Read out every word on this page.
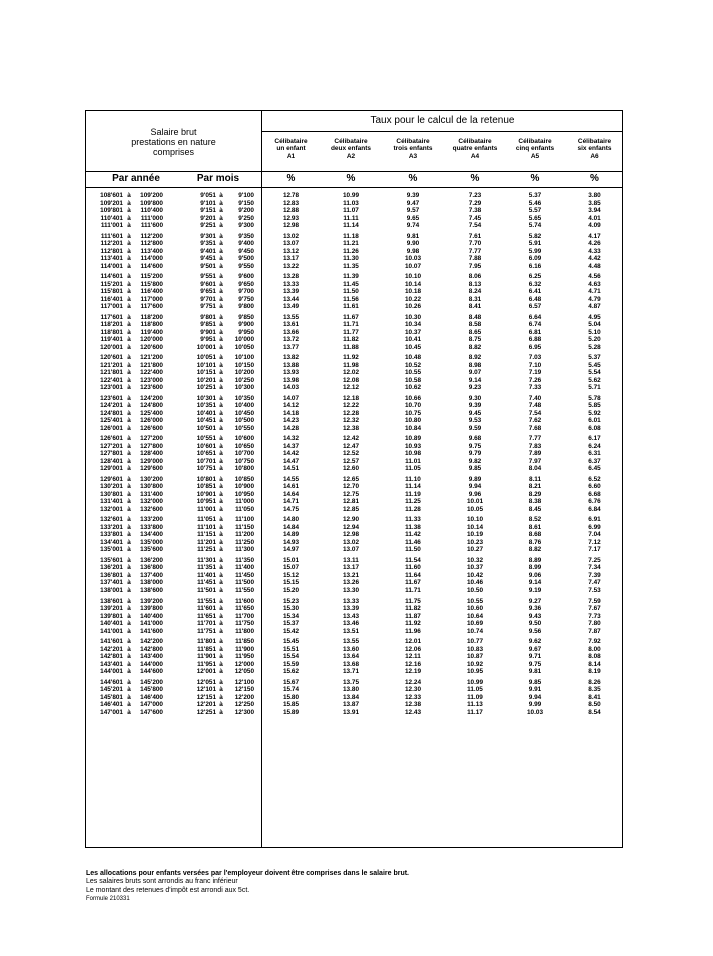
Salaire brut
prestations en nature
comprises
Taux pour le calcul de la retenue
Célibataire
un enfant
A1
Célibataire
deux enfants
A2
Célibataire
trois enfants
A3
Célibataire
quatre enfants
A4
Célibataire
cinq enfants
A5
Célibataire
six enfants
A6
Par année	Par mois	%	%	%	%	%	%
108'601 à	109'200	9'051 à	9'100	12.78	10.99	9.39	7.23	5.37	3.80
109'201 à	109'800	9'101 à	9'150	12.83	11.03	9.47	7.29	5.46	3.85
109'801 à	110'400	9'151 à	9'200	12.88	11.07	9.57	7.38	5.57	3.94
110'401 à	111'000	9'201 à	9'250	12.93	11.11	9.65	7.45	5.65	4.01
111'001 à	111'600	9'251 à	9'300	12.98	11.14	9.74	7.54	5.74	4.09
111'601 à	112'200	9'301 à	9'350	13.02	11.18	9.81	7.61	5.82	4.17
112'201 à	112'800	9'351 à	9'400	13.07	11.21	9.90	7.70	5.91	4.26
112'801 à	113'400	9'401 à	9'450	13.12	11.26	9.98	7.77	5.99	4.33
113'401 à	114'000	9'451 à	9'500	13.17	11.30	10.03	7.88	6.09	4.42
114'001 à	114'600	9'501 à	9'550	13.22	11.35	10.07	7.95	6.16	4.48
114'601 à	115'200	9'551 à	9'600	13.28	11.39	10.10	8.06	6.25	4.56
115'201 à	115'800	9'601 à	9'650	13.33	11.45	10.14	8.13	6.32	4.63
115'801 à	116'400	9'651 à	9'700	13.39	11.50	10.18	8.24	6.41	4.71
116'401 à	117'000	9'701 à	9'750	13.44	11.56	10.22	8.31	6.48	4.79
117'001 à	117'600	9'751 à	9'800	13.49	11.61	10.26	8.41	6.57	4.87
117'601 à	118'200	9'801 à	9'850	13.55	11.67	10.30	8.48	6.64	4.95
118'201 à	118'800	9'851 à	9'900	13.61	11.71	10.34	8.58	6.74	5.04
118'801 à	119'400	9'901 à	9'950	13.66	11.77	10.37	8.65	6.81	5.10
119'401 à	120'000	9'951 à	10'000	13.72	11.82	10.41	8.75	6.88	5.20
120'001 à	120'600	10'001 à	10'050	13.77	11.88	10.45	8.82	6.95	5.28
120'601 à	121'200	10'051 à	10'100	13.82	11.92	10.48	8.92	7.03	5.37
121'201 à	121'800	10'101 à	10'150	13.88	11.98	10.52	8.98	7.10	5.45
121'801 à	122'400	10'151 à	10'200	13.93	12.02	10.55	9.07	7.19	5.54
122'401 à	123'000	10'201 à	10'250	13.98	12.08	10.58	9.14	7.26	5.62
123'001 à	123'600	10'251 à	10'300	14.03	12.12	10.62	9.23	7.33	5.71
123'601 à	124'200	10'301 à	10'350	14.07	12.18	10.66	9.30	7.40	5.78
124'201 à	124'800	10'351 à	10'400	14.12	12.22	10.70	9.39	7.48	5.85
124'801 à	125'400	10'401 à	10'450	14.18	12.28	10.75	9.45	7.54	5.92
125'401 à	126'000	10'451 à	10'500	14.23	12.32	10.80	9.53	7.62	6.01
126'001 à	126'600	10'501 à	10'550	14.28	12.38	10.84	9.59	7.68	6.08
126'601 à	127'200	10'551 à	10'600	14.32	12.42	10.89	9.68	7.77	6.17
127'201 à	127'800	10'601 à	10'650	14.37	12.47	10.93	9.75	7.83	6.24
127'801 à	128'400	10'651 à	10'700	14.42	12.52	10.98	9.79	7.89	6.31
128'401 à	129'000	10'701 à	10'750	14.47	12.57	11.01	9.82	7.97	6.37
129'001 à	129'600	10'751 à	10'800	14.51	12.60	11.05	9.85	8.04	6.45
129'601 à	130'200	10'801 à	10'850	14.55	12.65	11.10	9.89	8.11	6.52
130'201 à	130'800	10'851 à	10'900	14.61	12.70	11.14	9.94	8.21	6.60
130'801 à	131'400	10'901 à	10'950	14.64	12.75	11.19	9.96	8.29	6.68
131'401 à	132'000	10'951 à	11'000	14.71	12.81	11.25	10.01	8.38	6.76
132'001 à	132'600	11'001 à	11'050	14.75	12.85	11.28	10.05	8.45	6.84
132'601 à	133'200	11'051 à	11'100	14.80	12.90	11.33	10.10	8.52	6.91
133'201 à	133'800	11'101 à	11'150	14.84	12.94	11.38	10.14	8.61	6.99
133'801 à	134'400	11'151 à	11'200	14.89	12.98	11.42	10.19	8.68	7.04
134'401 à	135'000	11'201 à	11'250	14.93	13.02	11.46	10.23	8.76	7.12
135'001 à	135'600	11'251 à	11'300	14.97	13.07	11.50	10.27	8.82	7.17
135'601 à	136'200	11'301 à	11'350	15.01	13.11	11.54	10.32	8.89	7.25
136'201 à	136'800	11'351 à	11'400	15.07	13.17	11.60	10.37	8.99	7.34
136'801 à	137'400	11'401 à	11'450	15.12	13.21	11.64	10.42	9.06	7.39
137'401 à	138'000	11'451 à	11'500	15.15	13.26	11.67	10.46	9.14	7.47
138'001 à	138'600	11'501 à	11'550	15.20	13.30	11.71	10.50	9.19	7.53
138'601 à	139'200	11'551 à	11'600	15.23	13.33	11.75	10.55	9.27	7.59
139'201 à	139'800	11'601 à	11'650	15.30	13.39	11.82	10.60	9.36	7.67
139'801 à	140'400	11'651 à	11'700	15.34	13.43	11.87	10.64	9.43	7.73
140'401 à	141'000	11'701 à	11'750	15.37	13.46	11.92	10.69	9.50	7.80
141'001 à	141'600	11'751 à	11'800	15.42	13.51	11.96	10.74	9.56	7.87
141'601 à	142'200	11'801 à	11'850	15.45	13.55	12.01	10.77	9.62	7.92
142'201 à	142'800	11'851 à	11'900	15.51	13.60	12.06	10.83	9.67	8.00
142'801 à	143'400	11'901 à	11'950	15.54	13.64	12.11	10.87	9.71	8.08
143'401 à	144'000	11'951 à	12'000	15.59	13.68	12.16	10.92	9.75	8.14
144'001 à	144'600	12'001 à	12'050	15.62	13.71	12.19	10.95	9.81	8.19
144'601 à	145'200	12'051 à	12'100	15.67	13.75	12.24	10.99	9.85	8.26
145'201 à	145'800	12'101 à	12'150	15.74	13.80	12.30	11.05	9.91	8.35
145'801 à	146'400	12'151 à	12'200	15.80	13.84	12.33	11.09	9.94	8.41
146'401 à	147'000	12'201 à	12'250	15.85	13.87	12.38	11.13	9.99	8.50
147'001 à	147'600	12'251 à	12'300	15.89	13.91	12.43	11.17	10.03	8.54
Les allocations pour enfants versées par l'employeur doivent être comprises dans le salaire brut.
Les salaires bruts sont arrondis au franc inférieur
Le montant des retenues d'impôt est arrondi aux 5ct.
Formule 210331
